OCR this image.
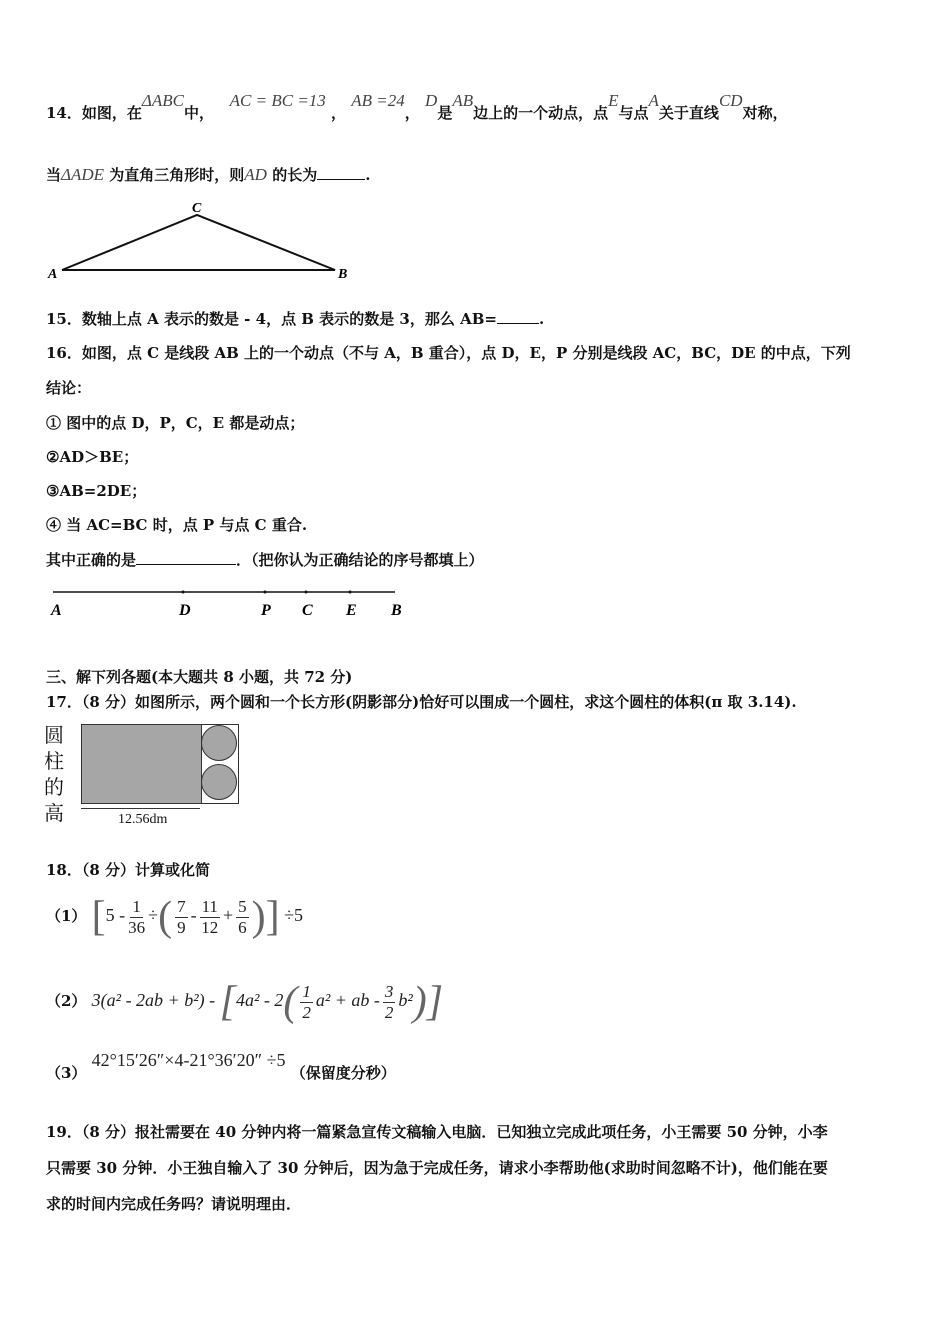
14．如图，在ΔABC中，   AC = BC =13 ， AB =24， D是AB边上的一个动点，点E与点A关于直线CD对称，
当ΔADE 为直角三角形时，则AD 的长为	.
A	B
C
15．数轴上点 A 表示的数是 - 4，点 B 表示的数是 3，那么 AB=	.
16．如图，点 C 是线段 AB 上的一个动点（不与 A，B 重合），点 D，E，P 分别是线段 AC，BC，DE 的中点，下列
结论：
① 图中的点 D，P，C，E 都是动点；
②AD＞BE；
③AB=2DE；
④ 当 AC=BC 时，点 P 与点 C 重合.
其中正确的是	．（把你认为正确结论的序号都填上）
A	D	P C E B
三、解下列各题(本大题共 8 小题，共 72 分)
17．（8 分）如图所示，两个圆和一个长方形(阴影部分)恰好可以围成一个圆柱，求这个圆柱的体积(π 取 3.14).
圆
柱
的
高	12.56dm
18．（8 分）计算或化简
（1） [$5 - \frac{1}{36}$ ÷( $\frac{7}{9} - \frac{11}{12} + \frac{5}{6}$ )] ÷5
（2） $3(a^2 - 2ab + b^2) - [4a^2 - 2( \frac{1}{2} a^2$ + ab - $\frac{3}{2} b^2$)]
（3） 42°15′26″×4-21°36′20″ ÷5 （保留度分秒）
19．（8 分）报社需要在 40 分钟内将一篇紧急宣传文稿输入电脑．已知独立完成此项任务，小王需要 50 分钟，小李
只需要 30 分钟．小王独自输入了 30 分钟后，因为急于完成任务，请求小李帮助他(求助时间忽略不计)，他们能在要
求的时间内完成任务吗？请说明理由．
